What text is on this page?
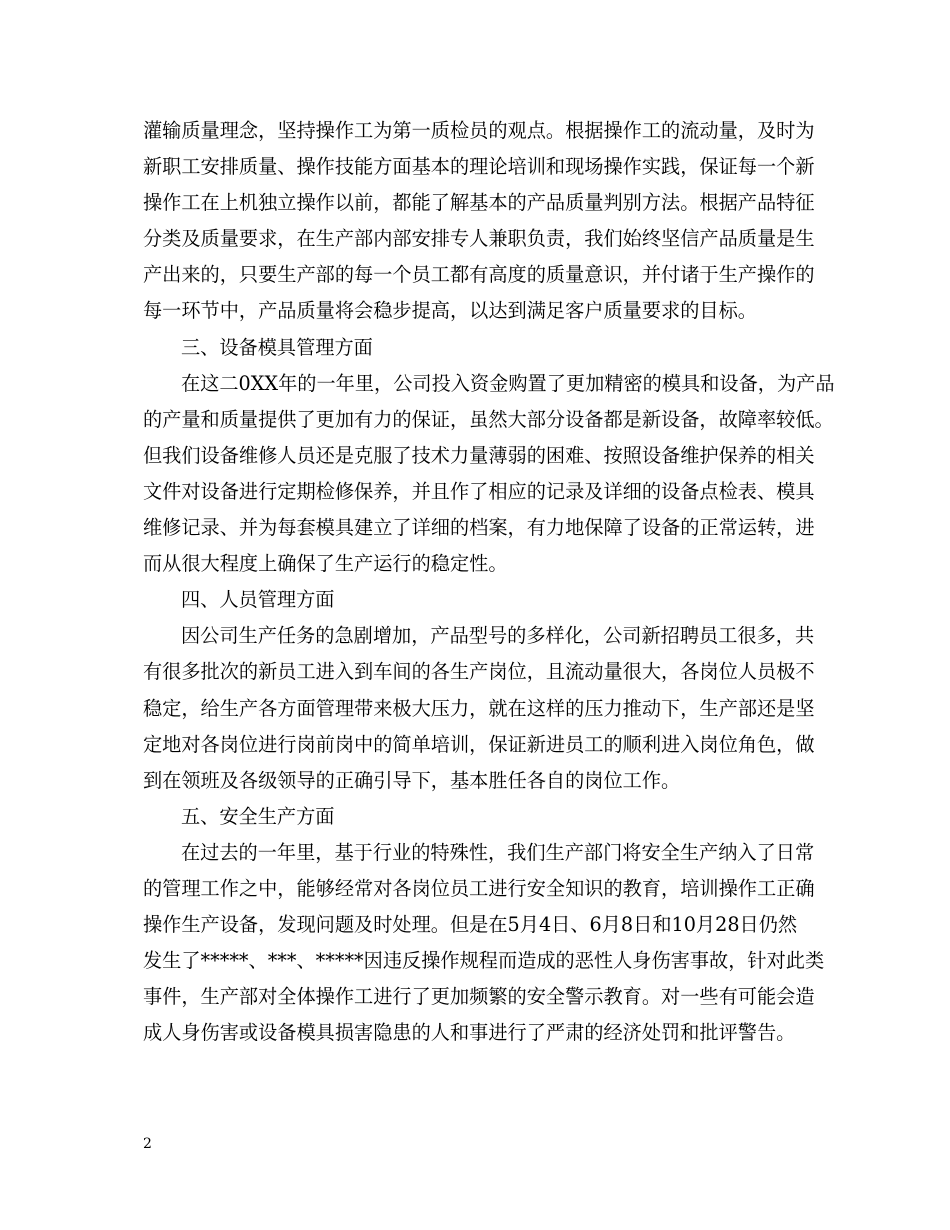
灌输质量理念，坚持操作工为第一质检员的观点。根据操作工的流动量，及时为
新职工安排质量、操作技能方面基本的理论培训和现场操作实践，保证每一个新
操作工在上机独立操作以前，都能了解基本的产品质量判别方法。根据产品特征
分类及质量要求，在生产部内部安排专人兼职负责，我们始终坚信产品质量是生
产出来的，只要生产部的每一个员工都有高度的质量意识，并付诸于生产操作的
每一环节中，产品质量将会稳步提高，以达到满足客户质量要求的目标。
三、设备模具管理方面
在这二0XX年的一年里，公司投入资金购置了更加精密的模具和设备，为产品
的产量和质量提供了更加有力的保证，虽然大部分设备都是新设备，故障率较低。
但我们设备维修人员还是克服了技术力量薄弱的困难、按照设备维护保养的相关
文件对设备进行定期检修保养，并且作了相应的记录及详细的设备点检表、模具
维修记录、并为每套模具建立了详细的档案，有力地保障了设备的正常运转，进
而从很大程度上确保了生产运行的稳定性。
四、人员管理方面
因公司生产任务的急剧增加，产品型号的多样化，公司新招聘员工很多，共
有很多批次的新员工进入到车间的各生产岗位，且流动量很大，各岗位人员极不
稳定，给生产各方面管理带来极大压力，就在这样的压力推动下，生产部还是坚
定地对各岗位进行岗前岗中的简单培训，保证新进员工的顺利进入岗位角色，做
到在领班及各级领导的正确引导下，基本胜任各自的岗位工作。
五、安全生产方面
在过去的一年里，基于行业的特殊性，我们生产部门将安全生产纳入了日常
的管理工作之中，能够经常对各岗位员工进行安全知识的教育，培训操作工正确
操作生产设备，发现问题及时处理。但是在5月4日、6月8日和10月28日仍然
发生了*****、***、*****因违反操作规程而造成的恶性人身伤害事故，针对此类
事件，生产部对全体操作工进行了更加频繁的安全警示教育。对一些有可能会造
成人身伤害或设备模具损害隐患的人和事进行了严肃的经济处罚和批评警告。
2
